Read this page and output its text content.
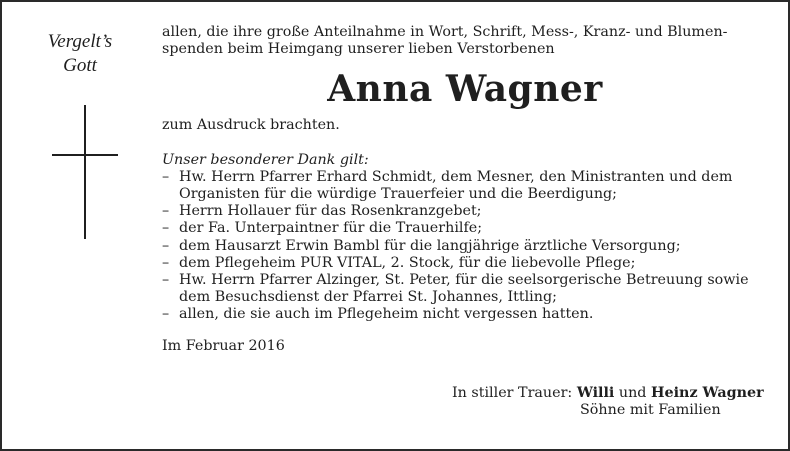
Vergelt’s
Gott

allen, die ihre große Anteilnahme in Wort, Schrift, Mess-, Kranz- und Blumen-

spenden beim Heimgang unserer lieben Verstorbenen

Anna Wagner

zum Ausdruck brachten.

Unser besonderer Dank gilt:
– Hw. Herrn Pfarrer Erhard Schmidt, dem Mesner, den Ministranten und dem
Organisten für die würdige Trauerfeier und die Beerdigung;
– Herrn Hollauer für das Rosenkranzgebet;
– der Fa. Unterpaintner für die Trauerhilfe;
– dem Hausarzt Erwin Bambl für die langjährige ärztliche Versorgung;
– dem Pflegeheim PUR VITAL, 2. Stock, für die liebevolle Pflege;
– Hw. Herrn Pfarrer Alzinger, St. Peter, für die seelsorgerische Betreuung sowie
dem Besuchsdienst der Pfarrei St. Johannes, Ittling;
– allen, die sie auch im Pflegeheim nicht vergessen hatten.
Im Februar 2016
In stiller Trauer: Willi und Heinz Wagner
Söhne mit Familien
